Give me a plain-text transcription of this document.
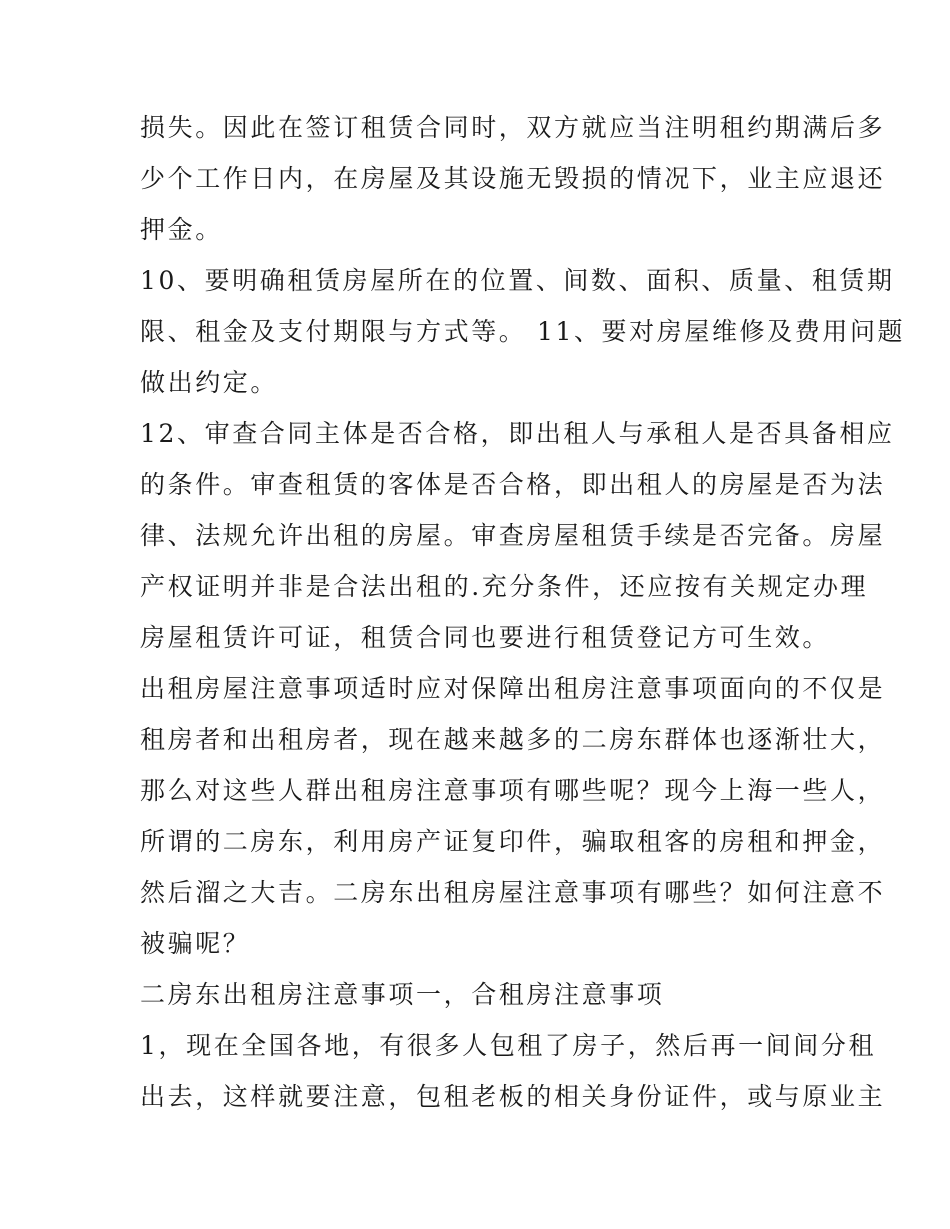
损失。因此在签订租赁合同时，双方就应当注明租约期满后多
少个工作日内，在房屋及其设施无毁损的情况下，业主应退还
押金。
10、要明确租赁房屋所在的位置、间数、面积、质量、租赁期
限、租金及支付期限与方式等。 11、要对房屋维修及费用问题
做出约定。
12、审查合同主体是否合格，即出租人与承租人是否具备相应
的条件。审查租赁的客体是否合格，即出租人的房屋是否为法
律、法规允许出租的房屋。审查房屋租赁手续是否完备。房屋
产权证明并非是合法出租的.充分条件，还应按有关规定办理
房屋租赁许可证，租赁合同也要进行租赁登记方可生效。
出租房屋注意事项适时应对保障出租房注意事项面向的不仅是
租房者和出租房者，现在越来越多的二房东群体也逐渐壮大，
那么对这些人群出租房注意事项有哪些呢？现今上海一些人，
所谓的二房东，利用房产证复印件，骗取租客的房租和押金，
然后溜之大吉。二房东出租房屋注意事项有哪些？如何注意不
被骗呢？
二房东出租房注意事项一，合租房注意事项
1，现在全国各地，有很多人包租了房子，然后再一间间分租
出去，这样就要注意，包租老板的相关身份证件，或与原业主
